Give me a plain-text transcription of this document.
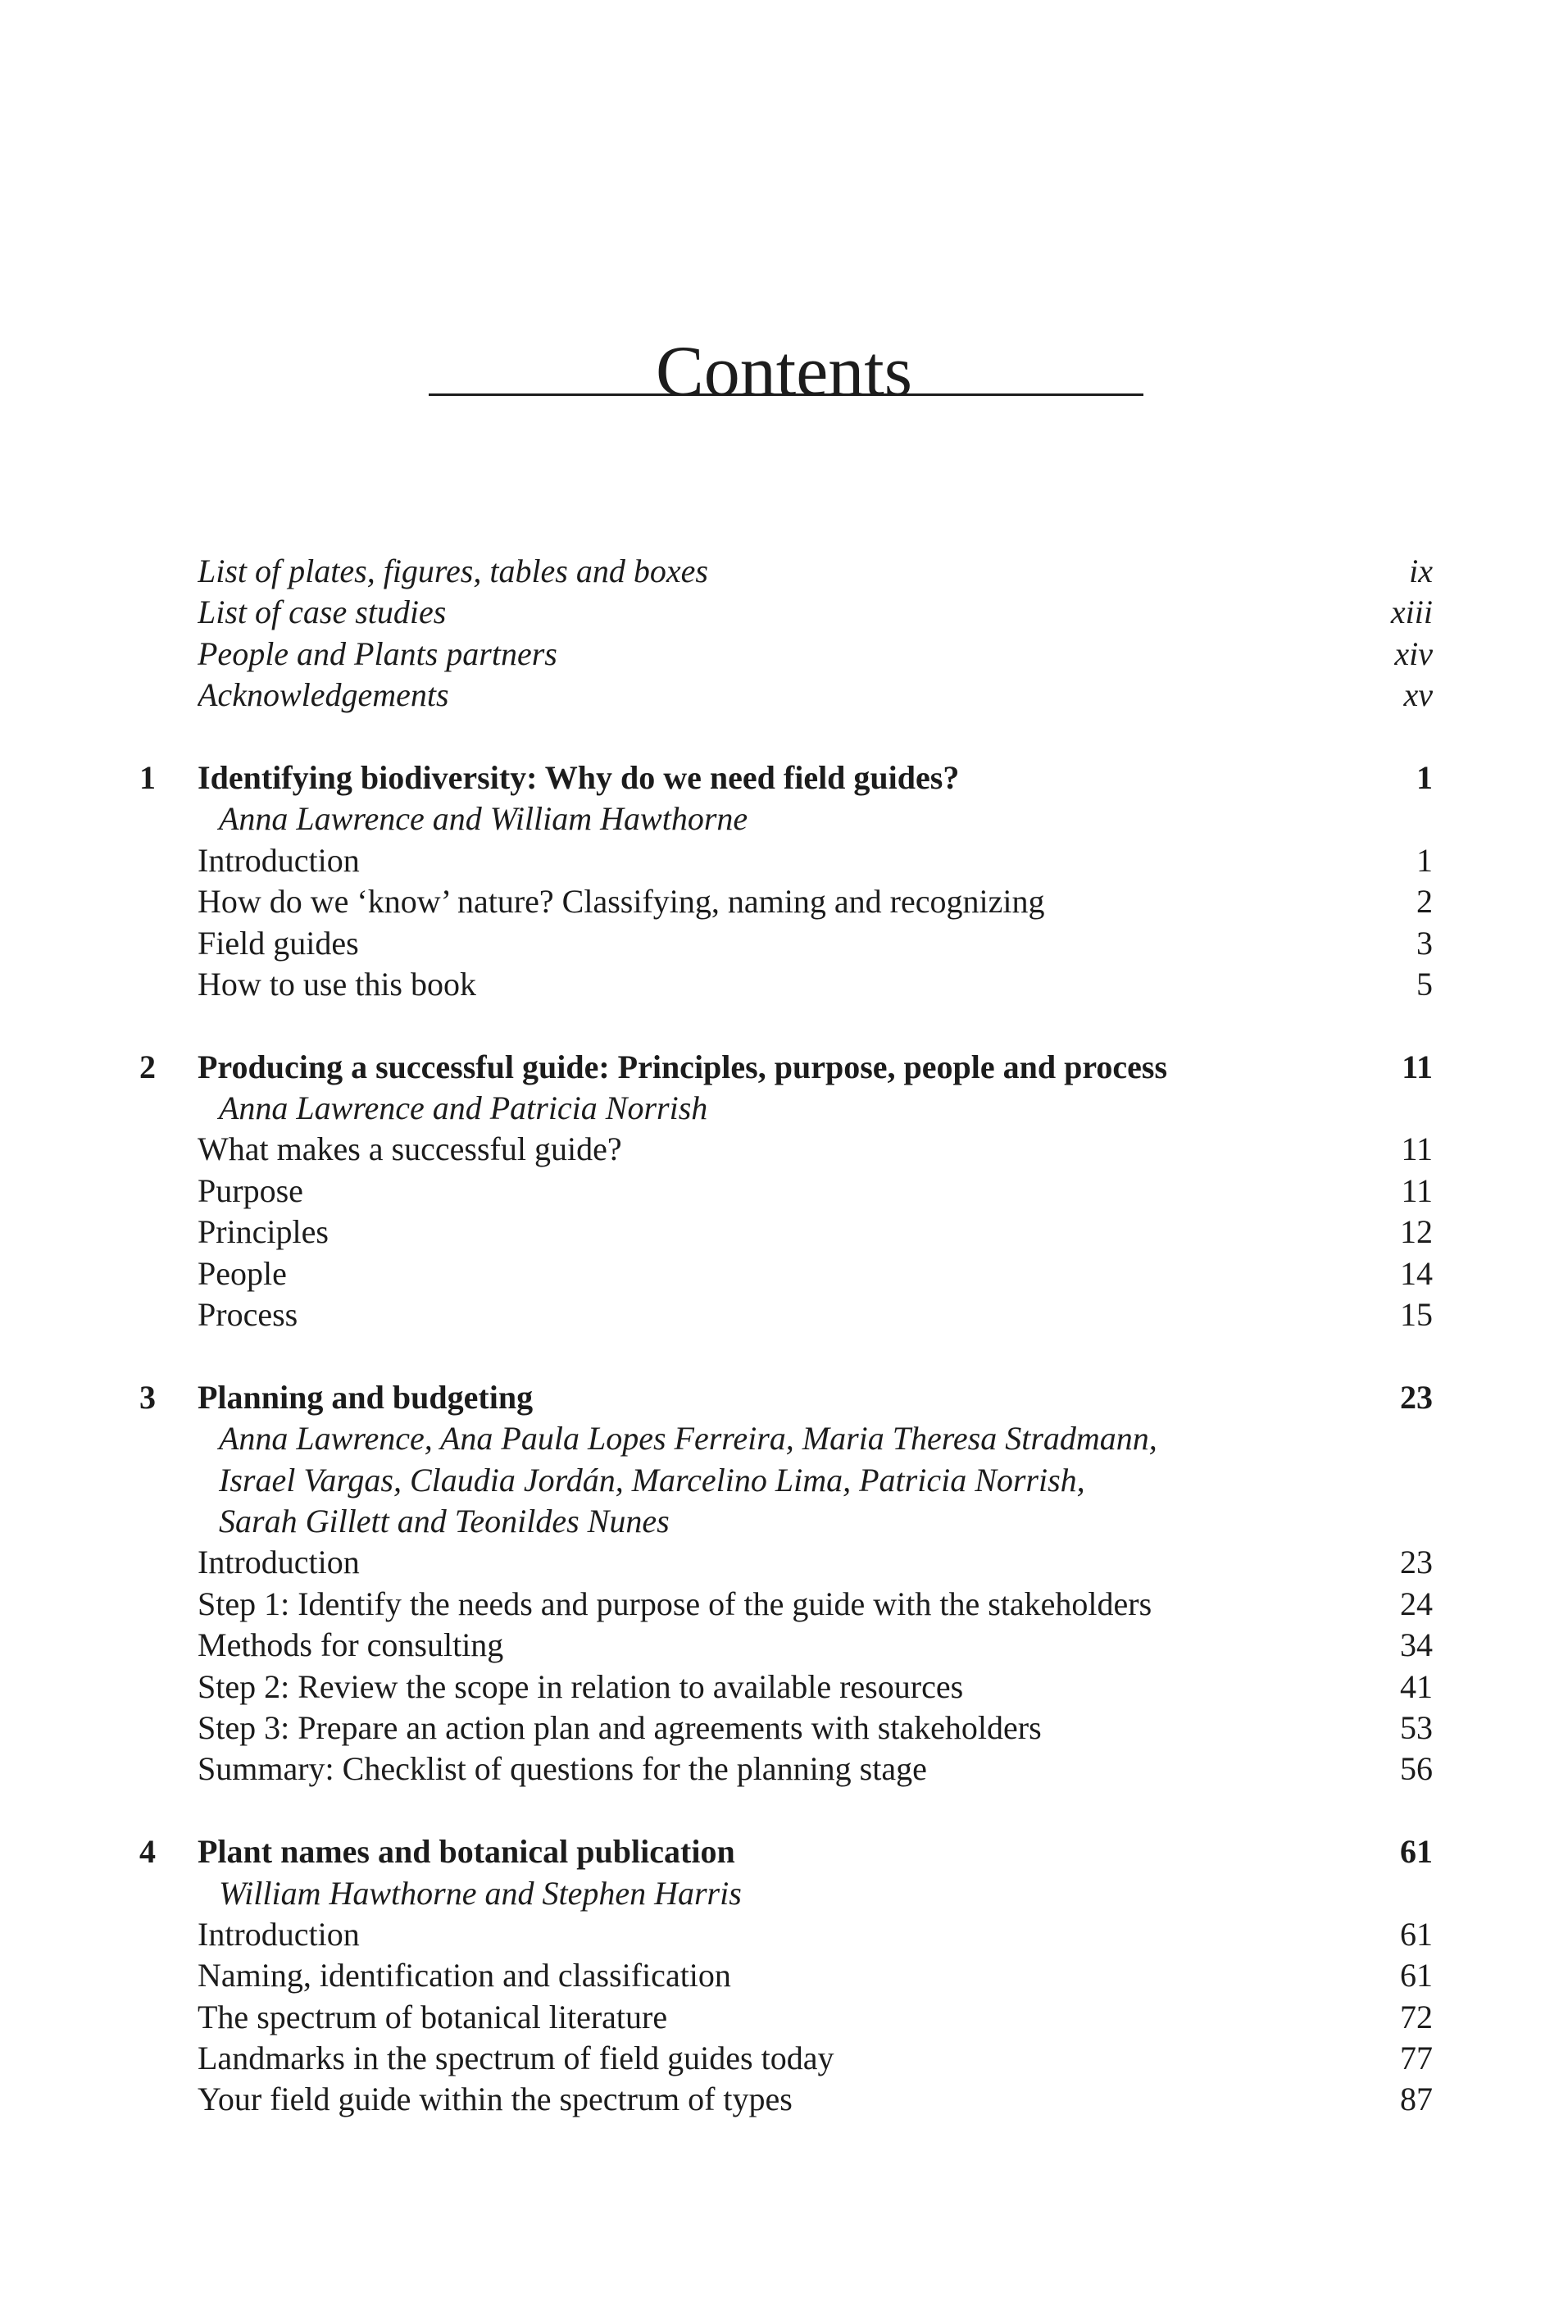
Contents
List of plates, figures, tables and boxes	ix
List of case studies	xiii
People and Plants partners	xiv
Acknowledgements	xv
1	Identifying biodiversity: Why do we need field guides?	1
Anna Lawrence and William Hawthorne
Introduction	1
How do we ‘know’ nature? Classifying, naming and recognizing	2
Field guides	3
How to use this book	5
2	Producing a successful guide: Principles, purpose, people and process	11
Anna Lawrence and Patricia Norrish
What makes a successful guide?	11
Purpose	11
Principles	12
People	14
Process	15
3	Planning and budgeting	23
Anna Lawrence, Ana Paula Lopes Ferreira, Maria Theresa Stradmann,
Israel Vargas, Claudia Jordán, Marcelino Lima, Patricia Norrish,
Sarah Gillett and Teonildes Nunes
Introduction	23
Step 1: Identify the needs and purpose of the guide with the stakeholders	24
Methods for consulting	34
Step 2: Review the scope in relation to available resources	41
Step 3: Prepare an action plan and agreements with stakeholders	53
Summary: Checklist of questions for the planning stage	56
4	Plant names and botanical publication	61
William Hawthorne and Stephen Harris
Introduction	61
Naming, identification and classification	61
The spectrum of botanical literature	72
Landmarks in the spectrum of field guides today	77
Your field guide within the spectrum of types	87
